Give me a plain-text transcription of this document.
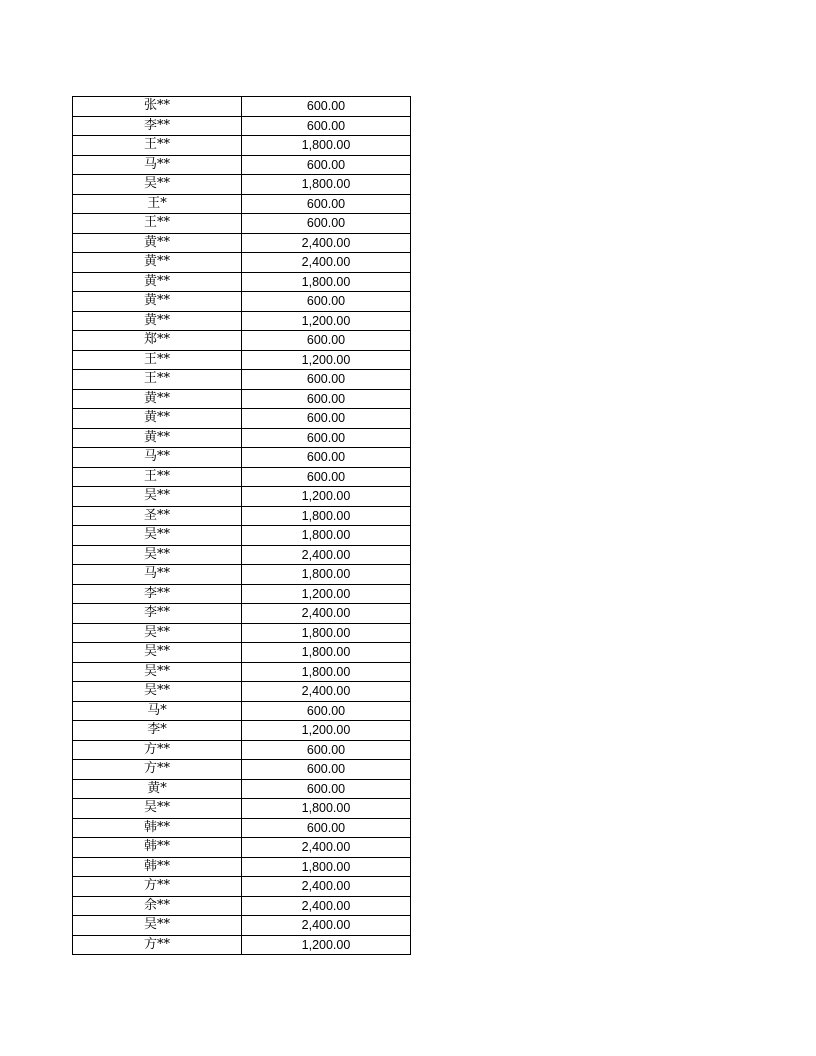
张**	600.00
李**	600.00
王**	1,800.00
马**	600.00
吴**	1,800.00
王*	600.00
王**	600.00
黄**	2,400.00
黄**	2,400.00
黄**	1,800.00
黄**	600.00
黄**	1,200.00
郑**	600.00
王**	1,200.00
王**	600.00
黄**	600.00
黄**	600.00
黄**	600.00
马**	600.00
王**	600.00
吴**	1,200.00
圣**	1,800.00
吴**	1,800.00
吴**	2,400.00
马**	1,800.00
李**	1,200.00
李**	2,400.00
吴**	1,800.00
吴**	1,800.00
吴**	1,800.00
吴**	2,400.00
马*	600.00
李*	1,200.00
方**	600.00
方**	600.00
黄*	600.00
吴**	1,800.00
韩**	600.00
韩**	2,400.00
韩**	1,800.00
方**	2,400.00
余**	2,400.00
吴**	2,400.00
方**	1,200.00
